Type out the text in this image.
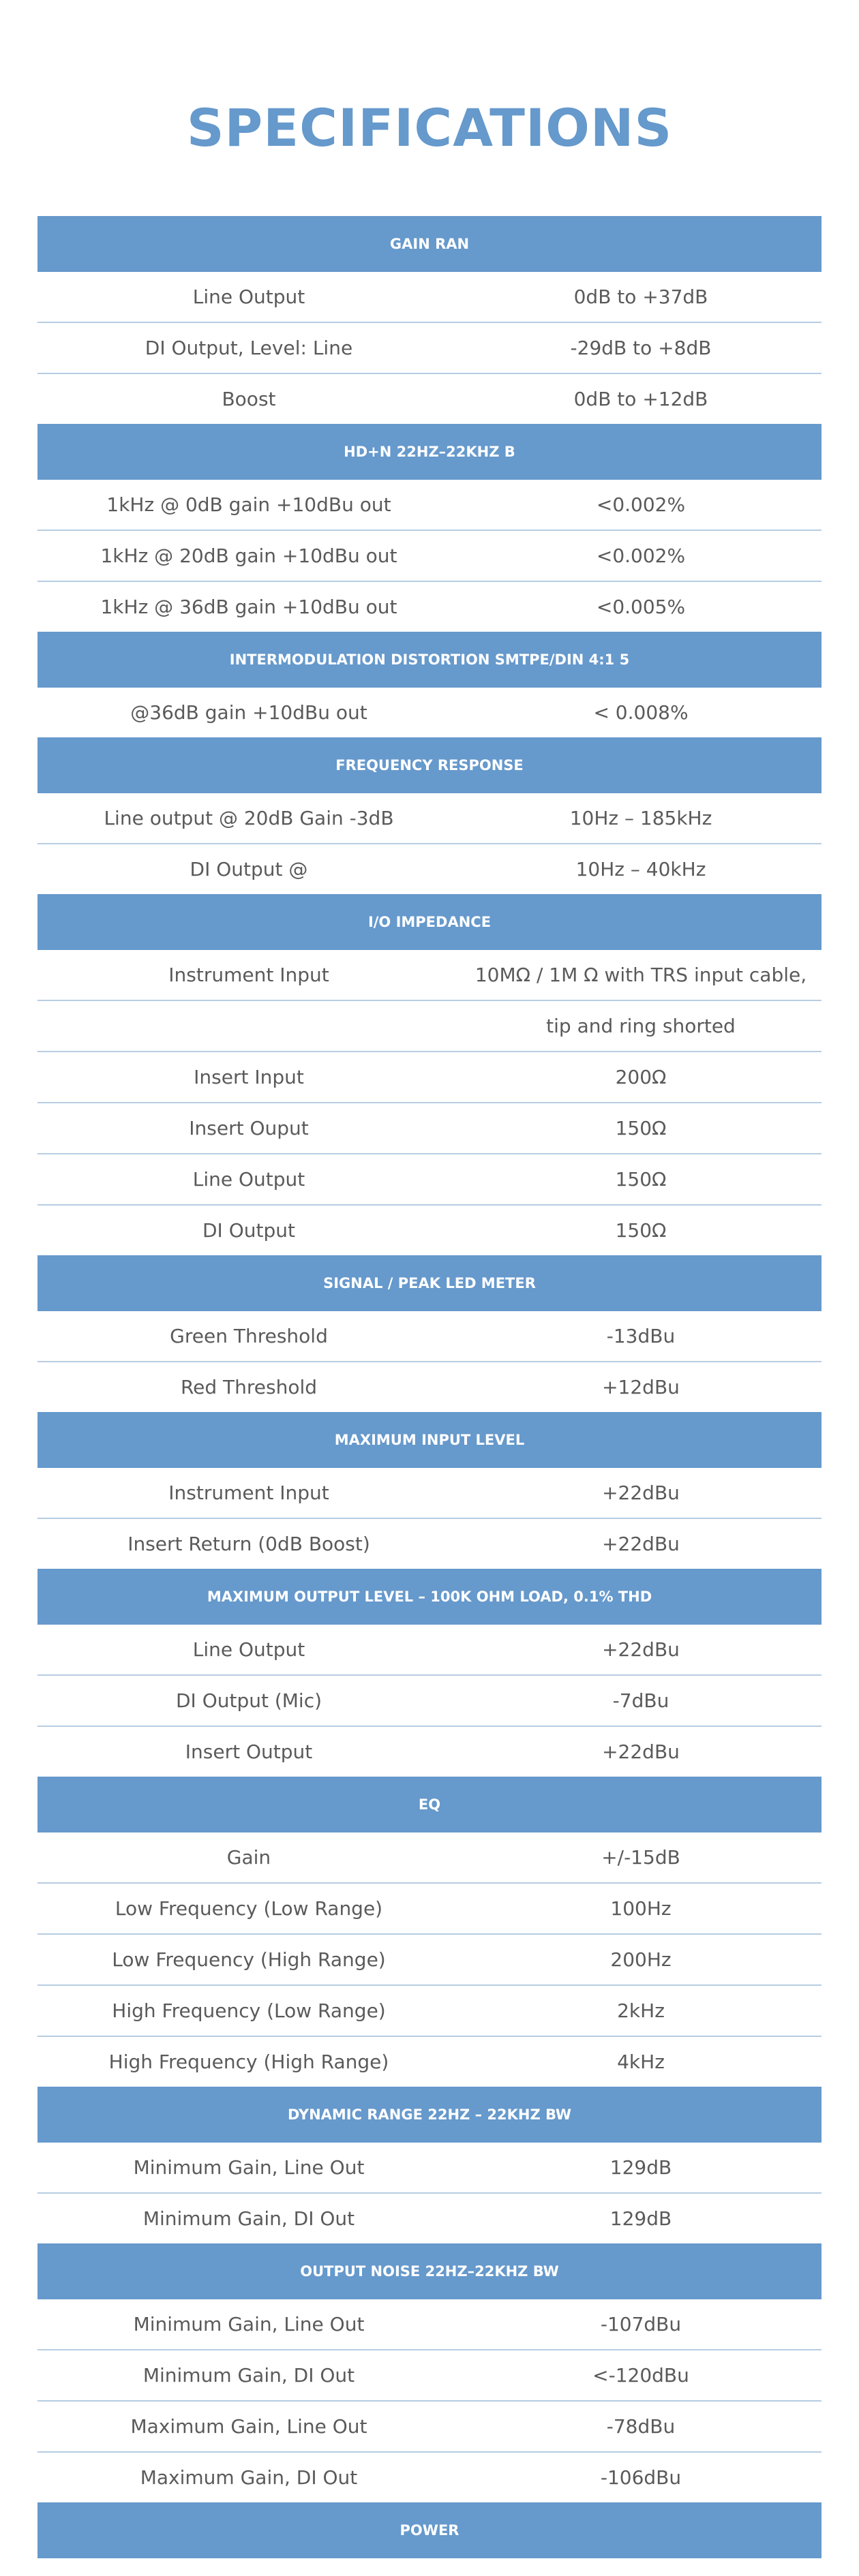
SPECIFICATIONS
GAIN RAN
Line Output	0dB to +37dB
DI Output, Level: Line	-29dB to +8dB
Boost	0dB to +12dB
HD+N 22HZ–22KHZ B
1kHz @ 0dB gain +10dBu out	<0.002%
1kHz @ 20dB gain +10dBu out	<0.002%
1kHz @ 36dB gain +10dBu out	<0.005%
INTERMODULATION DISTORTION SMTPE/DIN 4:1 5
@36dB gain +10dBu out	< 0.008%
FREQUENCY RESPONSE
Line output @ 20dB Gain -3dB	10Hz – 185kHz
DI Output @	10Hz – 40kHz
I/O IMPEDANCE
Instrument Input	10MΩ / 1M Ω with TRS input cable,
tip and ring shorted
Insert Input	200Ω
Insert Ouput	150Ω
Line Output	150Ω
DI Output	150Ω
SIGNAL / PEAK LED METER
Green Threshold	-13dBu
Red Threshold	+12dBu
MAXIMUM INPUT LEVEL
Instrument Input	+22dBu
Insert Return (0dB Boost)	+22dBu
MAXIMUM OUTPUT LEVEL – 100K OHM LOAD, 0.1% THD
Line Output	+22dBu
DI Output (Mic)	-7dBu
Insert Output	+22dBu
EQ
Gain	+/-15dB
Low Frequency (Low Range)	100Hz
Low Frequency (High Range)	200Hz
High Frequency (Low Range)	2kHz
High Frequency (High Range)	4kHz
DYNAMIC RANGE 22HZ – 22KHZ BW
Minimum Gain, Line Out	129dB
Minimum Gain, DI Out	129dB
OUTPUT NOISE 22HZ–22KHZ BW
Minimum Gain, Line Out	-107dBu
Minimum Gain, DI Out	<-120dBu
Maximum Gain, Line Out	-78dBu
Maximum Gain, DI Out	-106dBu
POWER
